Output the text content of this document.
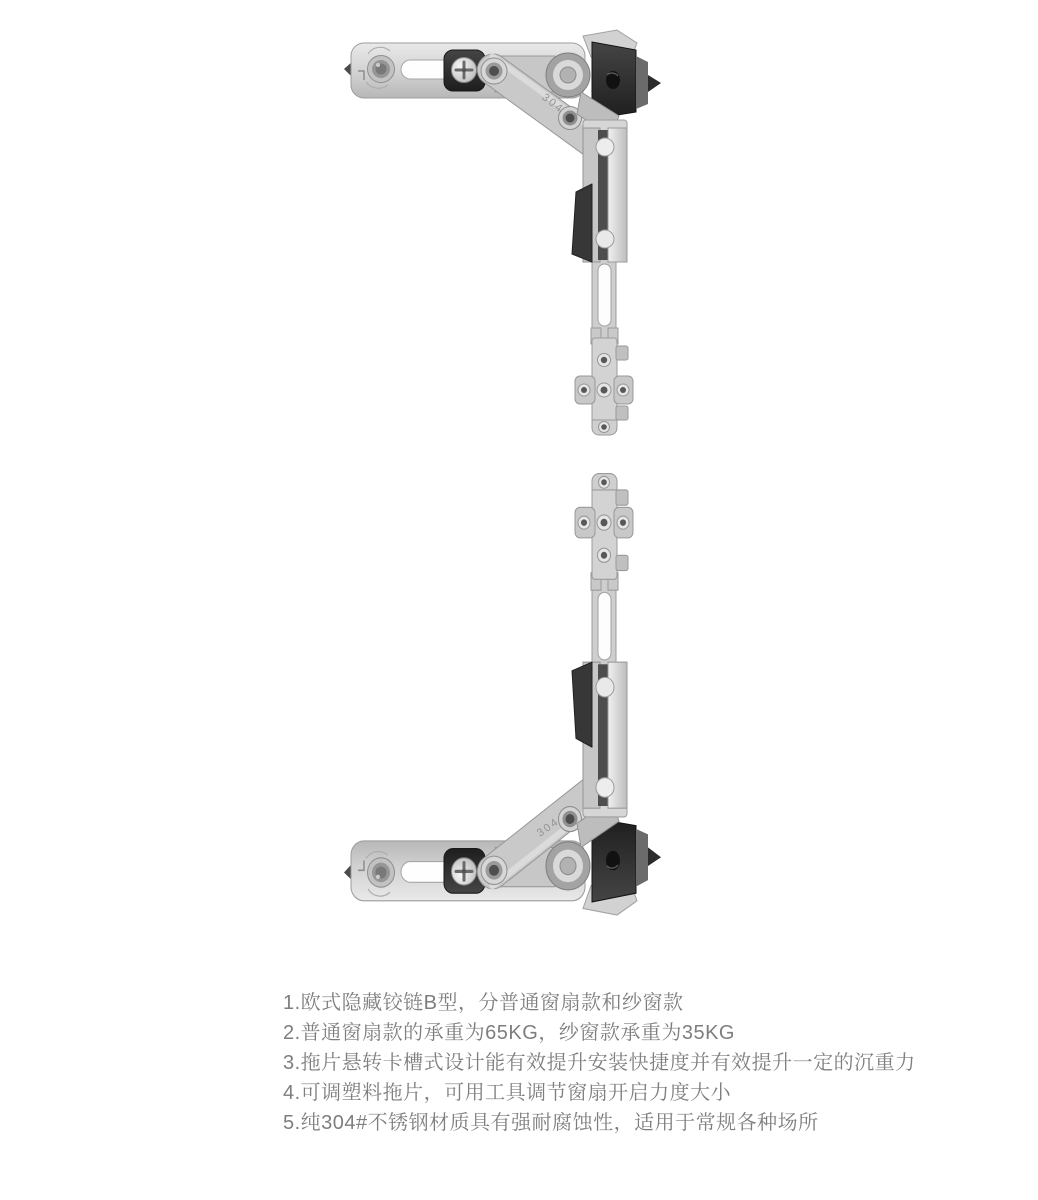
304
304
1.欧式隐藏铰链B型，分普通窗扇款和纱窗款
2.普通窗扇款的承重为65KG，纱窗款承重为35KG
3.拖片悬转卡槽式设计能有效提升安装快捷度并有效提升一定的沉重力
4.可调塑料拖片，可用工具调节窗扇开启力度大小
5.纯304#不锈钢材质具有强耐腐蚀性，适用于常规各种场所
